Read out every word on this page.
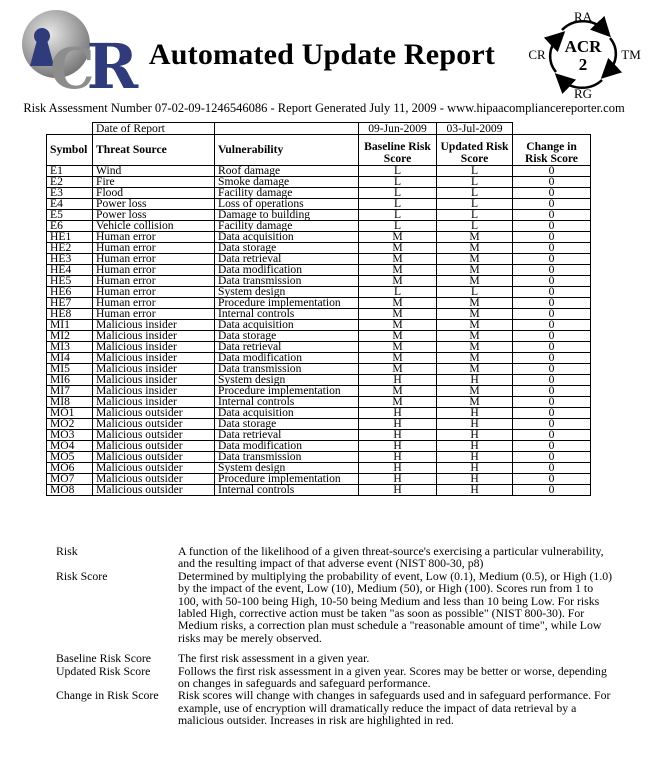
CR Automated Update Report
RA
TM
RG
CR ACR
2
Risk Assessment Number 07-02-09-1246546086 - Report Generated July 11, 2009 - www.hipaacompliancereporter.com
	Date of Report		09-Jun-2009	03-Jul-2009	
Symbol	Threat Source	Vulnerability	Baseline Risk Score	Updated Risk Score	Change in Risk Score
E1	Wind	Roof damage	L	L	0
E2	Fire	Smoke damage	L	L	0
E3	Flood	Facility damage	L	L	0
E4	Power loss	Loss of operations	L	L	0
E5	Power loss	Damage to building	L	L	0
E6	Vehicle collision	Facility damage	L	L	0
HE1	Human error	Data acquisition	M	M	0
HE2	Human error	Data storage	M	M	0
HE3	Human error	Data retrieval	M	M	0
HE4	Human error	Data modification	M	M	0
HE5	Human error	Data transmission	M	M	0
HE6	Human error	System design	L	L	0
HE7	Human error	Procedure implementation	M	M	0
HE8	Human error	Internal controls	M	M	0
MI1	Malicious insider	Data acquisition	M	M	0
MI2	Malicious insider	Data storage	M	M	0
MI3	Malicious insider	Data retrieval	M	M	0
MI4	Malicious insider	Data modification	M	M	0
MI5	Malicious insider	Data transmission	M	M	0
MI6	Malicious insider	System design	H	H	0
MI7	Malicious insider	Procedure implementation	M	M	0
MI8	Malicious insider	Internal controls	M	M	0
MO1	Malicious outsider	Data acquisition	H	H	0
MO2	Malicious outsider	Data storage	H	H	0
MO3	Malicious outsider	Data retrieval	H	H	0
MO4	Malicious outsider	Data modification	H	H	0
MO5	Malicious outsider	Data transmission	H	H	0
MO6	Malicious outsider	System design	H	H	0
MO7	Malicious outsider	Procedure implementation	H	H	0
MO8	Malicious outsider	Internal controls	H	H	0
Risk	A function of the likelihood of a given threat-source's exercising a particular vulnerability, and the resulting impact of that adverse event (NIST 800-30, p8)
Risk Score	Determined by multiplying the probability of event, Low (0.1), Medium (0.5), or High (1.0) by the impact of the event, Low (10), Medium (50), or High (100). Scores run from 1 to 100, with 50-100 being High, 10-50 being Medium and less than 10 being Low. For risks labled High, corrective action must be taken "as soon as possible" (NIST 800-30). For Medium risks, a correction plan must schedule a "reasonable amount of time", while Low risks may be merely observed.
Baseline Risk Score	The first risk assessment in a given year.
Updated Risk Score	Follows the first risk assessment in a given year. Scores may be better or worse, depending on changes in safeguards and safeguard performance.
Change in Risk Score	Risk scores will change with changes in safeguards used and in safeguard performance. For example, use of encryption will dramatically reduce the impact of data retrieval by a malicious outsider. Increases in risk are highlighted in red.
